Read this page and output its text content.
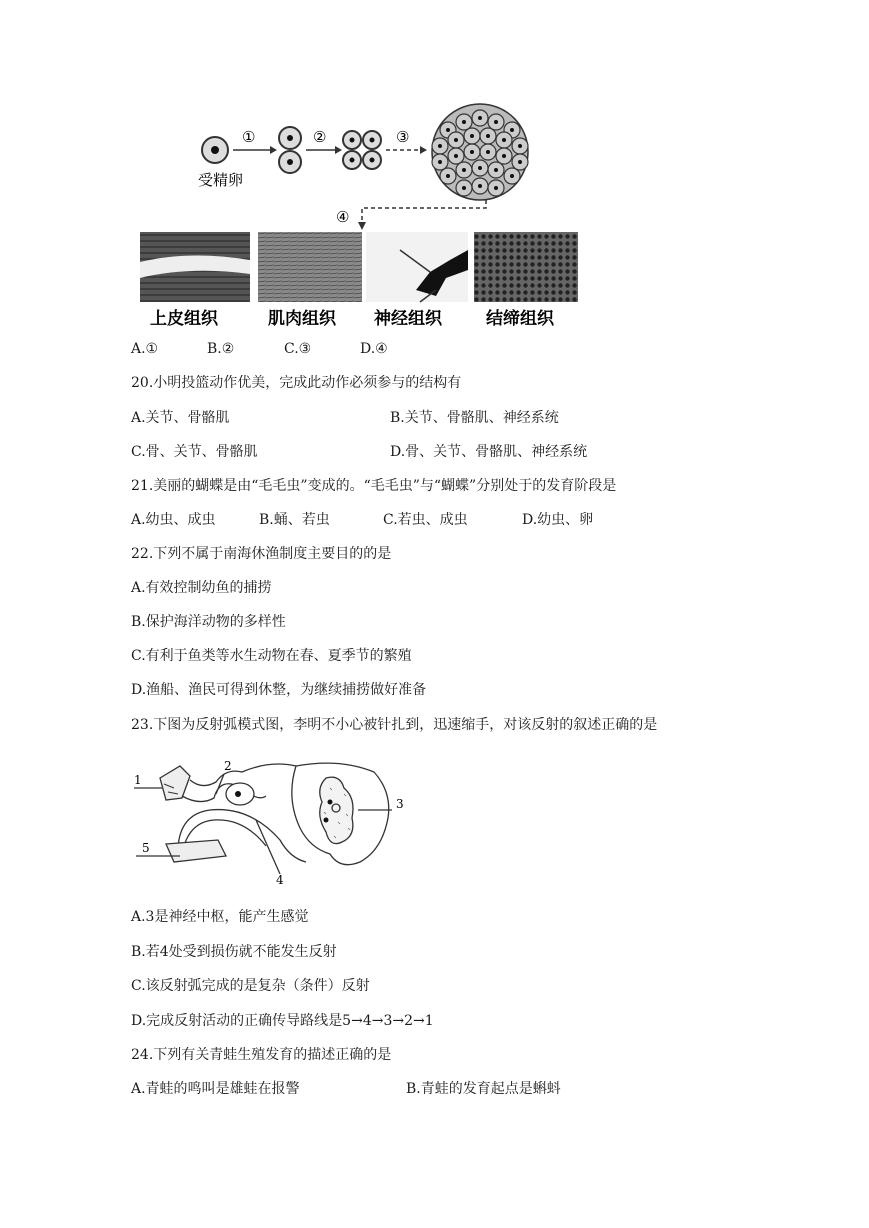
受精卵
①	②	③
④
上皮组织	肌肉组织 神经组织	结缔组织
A.①	B.②	C.③	D.④
20.小明投篮动作优美，完成此动作必须参与的结构有
A.关节、骨骼肌	B.关节、骨骼肌、神经系统
C.骨、关节、骨骼肌	D.骨、关节、骨骼肌、神经系统
21.美丽的蝴蝶是由“毛毛虫”变成的。“毛毛虫”与“蝴蝶”分别处于的发育阶段是
A.幼虫、成虫	B.蛹、若虫	C.若虫、成虫	D.幼虫、卵
22.下列不属于南海休渔制度主要目的的是
A.有效控制幼鱼的捕捞
B.保护海洋动物的多样性
C.有利于鱼类等水生动物在春、夏季节的繁殖
D.渔船、渔民可得到休整，为继续捕捞做好准备
23.下图为反射弧模式图，李明不小心被针扎到，迅速缩手，对该反射的叙述正确的是
1
2
3
4
5
A.3是神经中枢，能产生感觉
B.若4处受到损伤就不能发生反射
C.该反射弧完成的是复杂（条件）反射
D.完成反射活动的正确传导路线是5→4→3→2→1
24.下列有关青蛙生殖发育的描述正确的是
A.青蛙的鸣叫是雄蛙在报警	B.青蛙的发育起点是蝌蚪
